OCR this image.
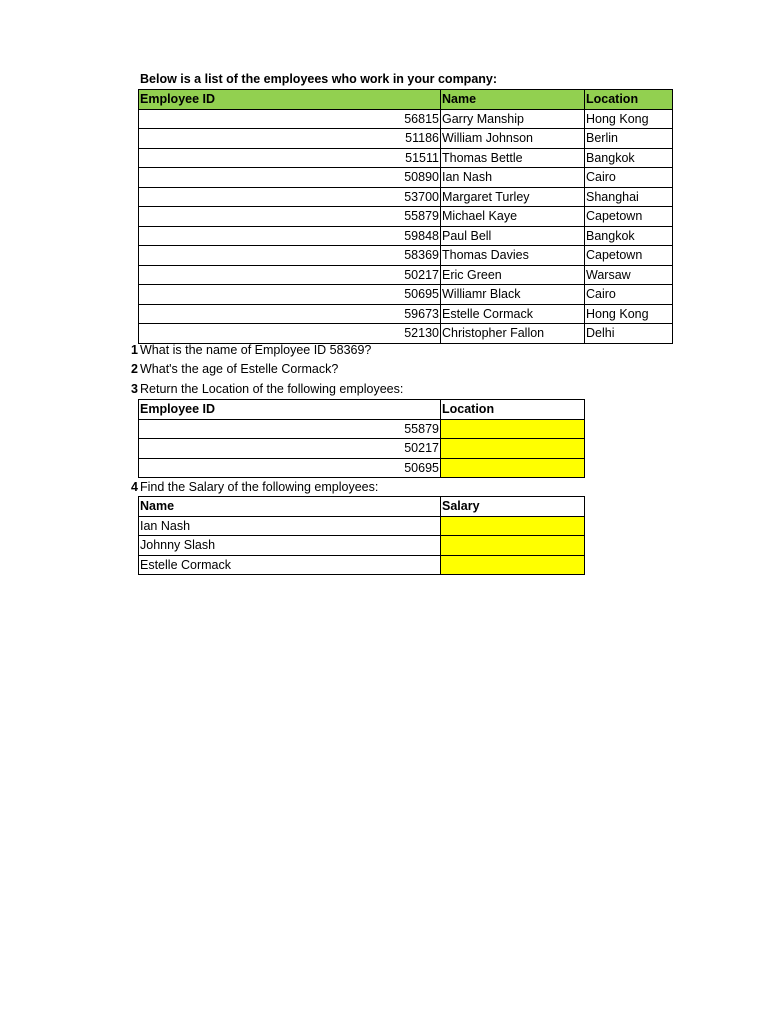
Below is a list of the employees who work in your company:
Employee ID	Name	Location
56815	Garry Manship	Hong Kong
51186	William Johnson	Berlin
51511	Thomas Bettle	Bangkok
50890	Ian Nash	Cairo
53700	Margaret Turley	Shanghai
55879	Michael Kaye	Capetown
59848	Paul Bell	Bangkok
58369	Thomas Davies	Capetown
50217	Eric Green	Warsaw
50695	Williamr Black	Cairo
59673	Estelle Cormack	Hong Kong
52130	Christopher Fallon	Delhi
1 What is the name of Employee ID 58369?
2 What's the age of Estelle Cormack?
3 Return the Location of the following employees:
Employee ID	Location
55879	
50217	
50695	
4 Find the Salary of the following employees:
Name	Salary
Ian Nash	
Johnny Slash	
Estelle Cormack	
